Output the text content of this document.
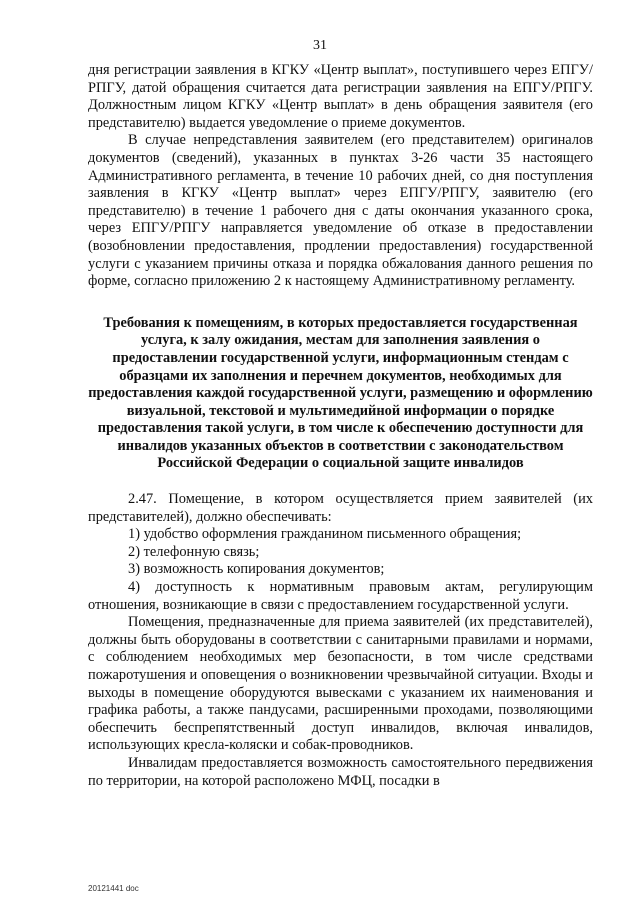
31

дня регистрации заявления в КГКУ «Центр выплат», поступившего через ЕПГУ/РПГУ, датой обращения считается дата регистрации заявления на ЕПГУ/РПГУ. Должностным лицом КГКУ «Центр выплат» в день обращения заявителя (его представителю) выдается уведомление о приеме документов.

В случае непредставления заявителем (его представителем) оригиналов документов (сведений), указанных в пунктах 3-26 части 35 настоящего Административного регламента, в течение 10 рабочих дней, со дня поступления заявления в КГКУ «Центр выплат» через ЕПГУ/РПГУ, заявителю (его представителю) в течение 1 рабочего дня с даты окончания указанного срока, через ЕПГУ/РПГУ направляется уведомление об отказе в предоставлении (возобновлении предоставления, продлении предоставления) государственной услуги с указанием причины отказа и порядка обжалования данного решения по форме, согласно приложению 2 к настоящему Административному регламенту.

Требования к помещениям, в которых предоставляется государственная услуга, к залу ожидания, местам для заполнения заявления о предоставлении государственной услуги, информационным стендам с образцами их заполнения и перечнем документов, необходимых для предоставления каждой государственной услуги, размещению и оформлению визуальной, текстовой и мультимедийной информации о порядке предоставления такой услуги, в том числе к обеспечению доступности для инвалидов указанных объектов в соответствии с законодательством Российской Федерации о социальной защите инвалидов

2.47. Помещение, в котором осуществляется прием заявителей (их представителей), должно обеспечивать:

1) удобство оформления гражданином письменного обращения;

2) телефонную связь;

3) возможность копирования документов;

4) доступность к нормативным правовым актам, регулирующим отношения, возникающие в связи с предоставлением государственной услуги.

Помещения, предназначенные для приема заявителей (их представителей), должны быть оборудованы в соответствии с санитарными правилами и нормами, с соблюдением необходимых мер безопасности, в том числе средствами пожаротушения и оповещения о возникновении чрезвычайной ситуации. Входы и выходы в помещение оборудуются вывесками с указанием их наименования и графика работы, а также пандусами, расширенными проходами, позволяющими обеспечить беспрепятственный доступ инвалидов, включая инвалидов, использующих кресла-коляски и собак-проводников.

Инвалидам предоставляется возможность самостоятельного передвижения по территории, на которой расположено МФЦ, посадки в

20121441 doc
